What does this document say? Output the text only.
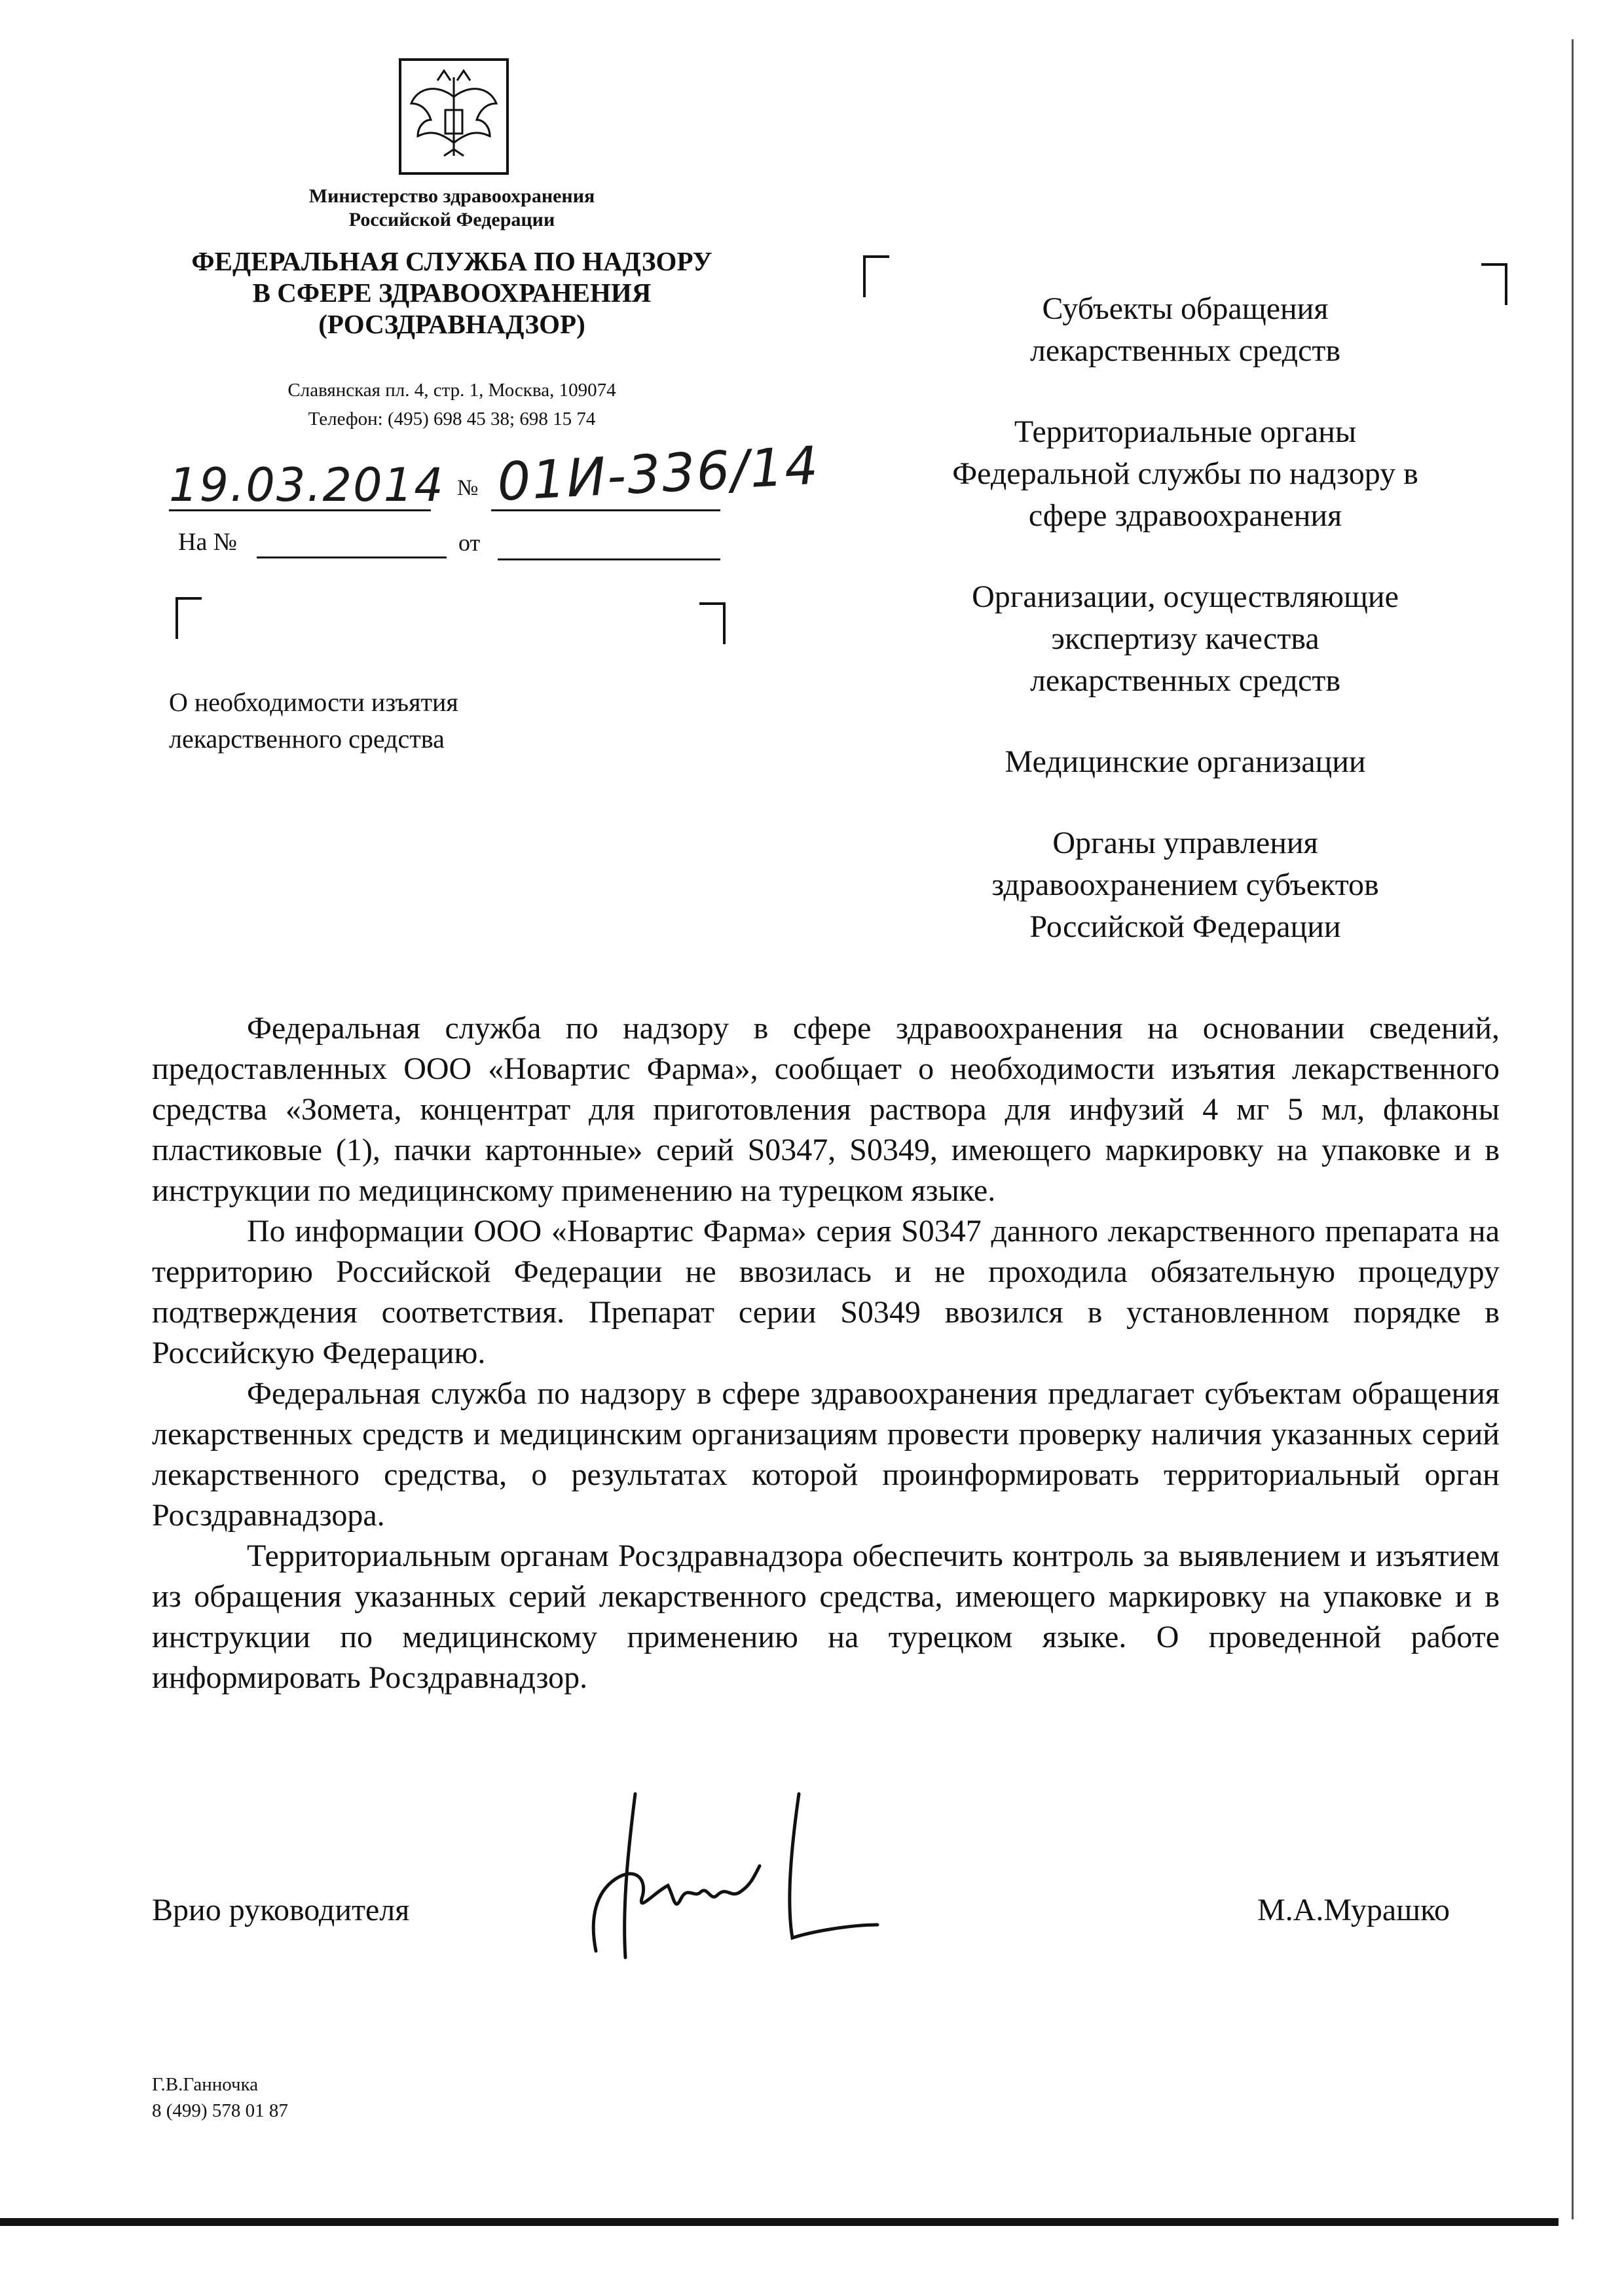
Министерство здравоохранения
Российской Федерации
ФЕДЕРАЛЬНАЯ СЛУЖБА ПО НАДЗОРУ
В СФЕРЕ ЗДРАВООХРАНЕНИЯ
(РОСЗДРАВНАДЗОР)
Славянская пл. 4, стр. 1, Москва, 109074
Телефон: (495) 698 45 38; 698 15 74
19.03.2014 № 01И-336/14
На №	от
О необходимости изъятия
лекарственного средства
Субъекты обращения
лекарственных средств
Территориальные органы
Федеральной службы по надзору в
сфере здравоохранения
Организации, осуществляющие
экспертизу качества
лекарственных средств
Медицинские организации
Органы управления
здравоохранением субъектов
Российской Федерации

Федеральная служба по надзору в сфере здравоохранения на основании сведений, предоставленных ООО «Новартис Фарма», сообщает о необходимости изъятия лекарственного средства «Зомета, концентрат для приготовления раствора для инфузий 4 мг 5 мл, флаконы пластиковые (1), пачки картонные» серий S0347, S0349, имеющего маркировку на упаковке и в инструкции по медицинскому применению на турецком языке.

По информации ООО «Новартис Фарма» серия S0347 данного лекарственного препарата на территорию Российской Федерации не ввозилась и не проходила обязательную процедуру подтверждения соответствия. Препарат серии S0349 ввозился в установленном порядке в Российскую Федерацию.

Федеральная служба по надзору в сфере здравоохранения предлагает субъектам обращения лекарственных средств и медицинским организациям провести проверку наличия указанных серий лекарственного средства, о результатах которой проинформировать территориальный орган Росздравнадзора.

Территориальным органам Росздравнадзора обеспечить контроль за выявлением и изъятием из обращения указанных серий лекарственного средства, имеющего маркировку на упаковке и в инструкции по медицинскому применению на турецком языке. О проведенной работе информировать Росздравнадзор.

Врио руководителя	М.А.Мурашко
Г.В.Ганночка
8 (499) 578 01 87
